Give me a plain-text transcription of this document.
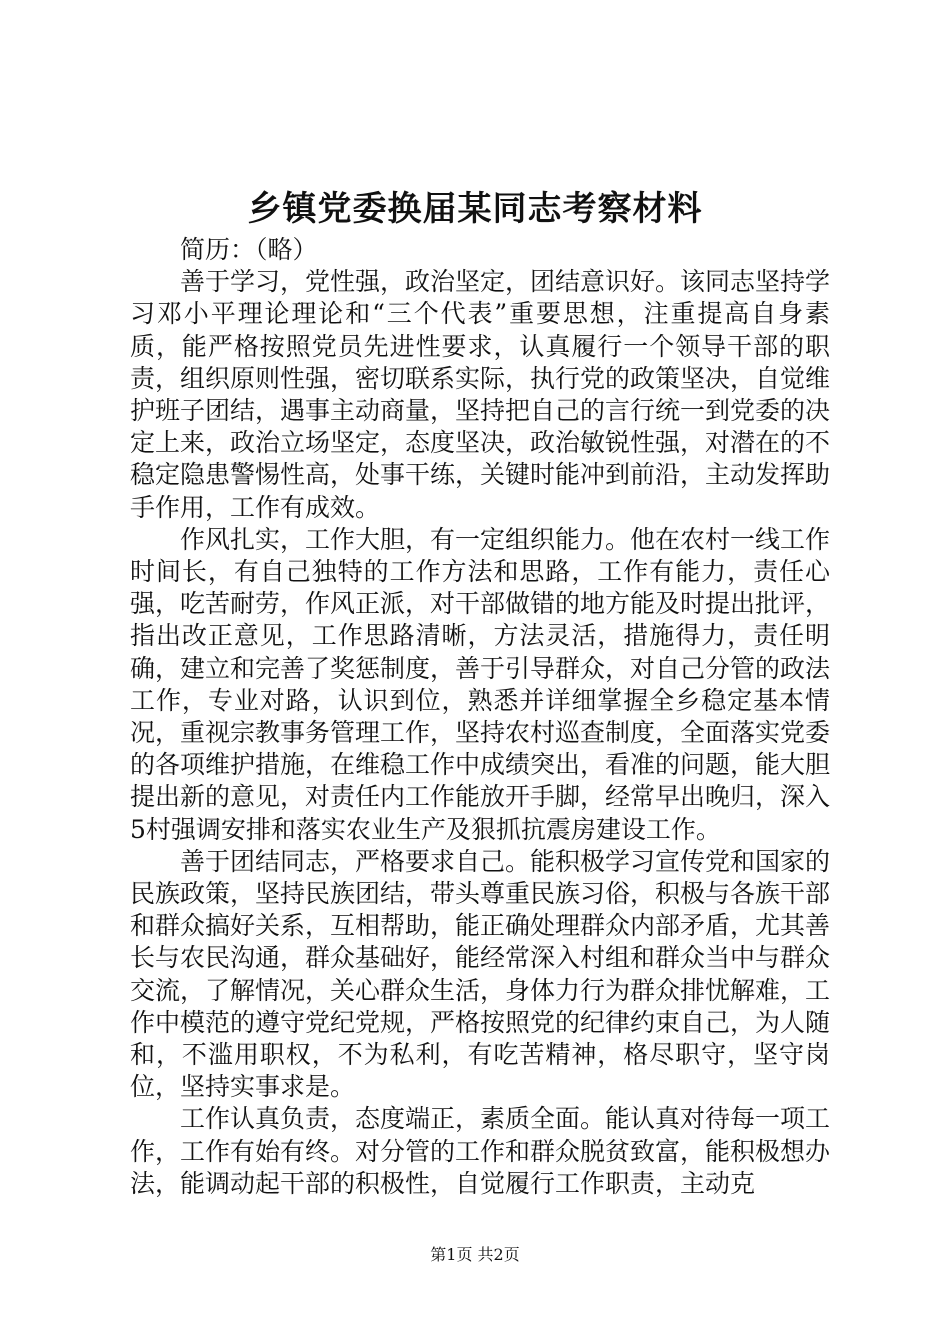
乡镇党委换届某同志考察材料

简历：（略）

善于学习，党性强，政治坚定，团结意识好。该同志坚持学习邓小平理论理论和“三个代表”重要思想，注重提高自身素质，能严格按照党员先进性要求，认真履行一个领导干部的职责，组织原则性强，密切联系实际，执行党的政策坚决，自觉维护班子团结，遇事主动商量，坚持把自己的言行统一到党委的决定上来，政治立场坚定，态度坚决，政治敏锐性强，对潜在的不稳定隐患警惕性高，处事干练，关键时能冲到前沿，主动发挥助手作用，工作有成效。

作风扎实，工作大胆，有一定组织能力。他在农村一线工作时间长，有自己独特的工作方法和思路，工作有能力，责任心强，吃苦耐劳，作风正派，对干部做错的地方能及时提出批评，指出改正意见，工作思路清晰，方法灵活，措施得力，责任明确，建立和完善了奖惩制度，善于引导群众，对自己分管的政法工作，专业对路，认识到位，熟悉并详细掌握全乡稳定基本情况，重视宗教事务管理工作，坚持农村巡查制度，全面落实党委的各项维护措施，在维稳工作中成绩突出，看准的问题，能大胆提出新的意见，对责任内工作能放开手脚，经常早出晚归，深入5村强调安排和落实农业生产及狠抓抗震房建设工作。

善于团结同志，严格要求自己。能积极学习宣传党和国家的民族政策，坚持民族团结，带头尊重民族习俗，积极与各族干部和群众搞好关系，互相帮助，能正确处理群众内部矛盾，尤其善长与农民沟通，群众基础好，能经常深入村组和群众当中与群众交流，了解情况，关心群众生活，身体力行为群众排忧解难，工作中模范的遵守党纪党规，严格按照党的纪律约束自己，为人随和，不滥用职权，不为私利，有吃苦精神，格尽职守，坚守岗位，坚持实事求是。

工作认真负责，态度端正，素质全面。能认真对待每一项工作，工作有始有终。对分管的工作和群众脱贫致富，能积极想办法，能调动起干部的积极性，自觉履行工作职责，主动克

第1页 共2页
